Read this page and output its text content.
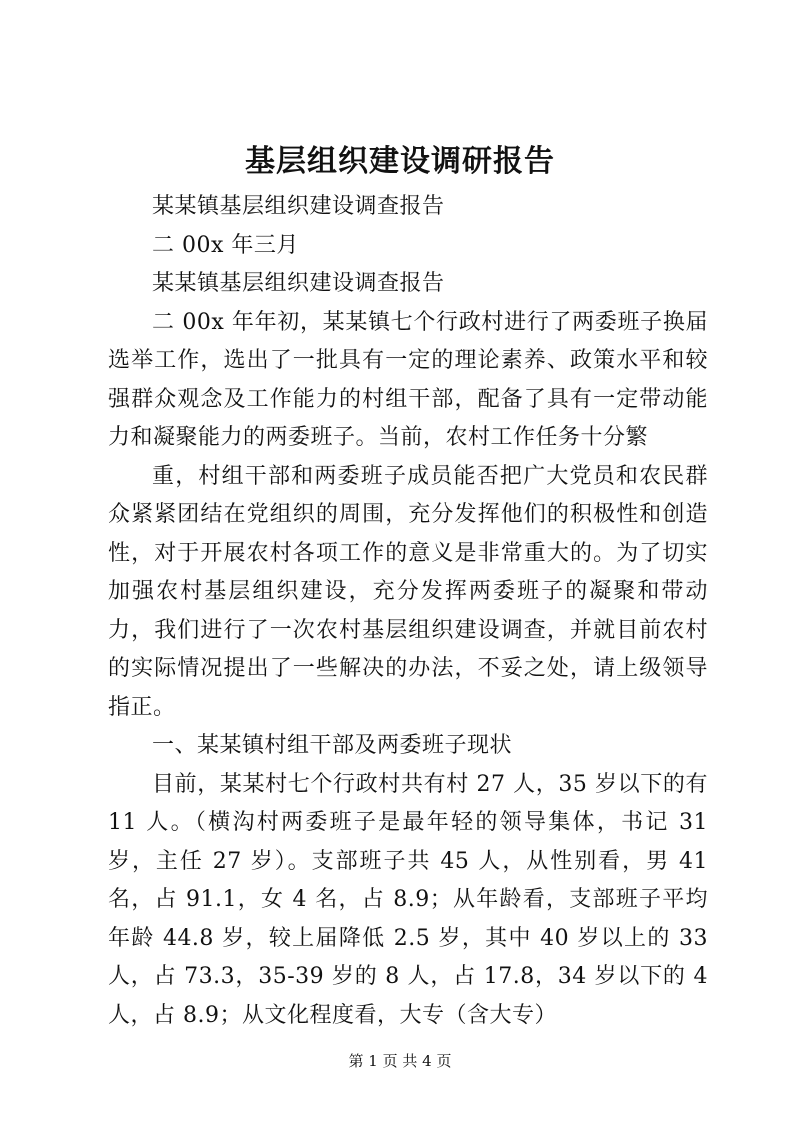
基层组织建设调研报告

某某镇基层组织建设调查报告

二 00x 年三月

某某镇基层组织建设调查报告

二 00x 年年初，某某镇七个行政村进行了两委班子换届选举工作，选出了一批具有一定的理论素养、政策水平和较强群众观念及工作能力的村组干部，配备了具有一定带动能力和凝聚能力的两委班子。当前，农村工作任务十分繁

重，村组干部和两委班子成员能否把广大党员和农民群众紧紧团结在党组织的周围，充分发挥他们的积极性和创造性，对于开展农村各项工作的意义是非常重大的。为了切实加强农村基层组织建设，充分发挥两委班子的凝聚和带动力，我们进行了一次农村基层组织建设调查，并就目前农村的实际情况提出了一些解决的办法，不妥之处，请上级领导指正。

一、某某镇村组干部及两委班子现状

目前，某某村七个行政村共有村 27 人，35 岁以下的有 11 人。（横沟村两委班子是最年轻的领导集体，书记 31 岁，主任 27 岁）。支部班子共 45 人，从性别看，男 41 名，占 91.1，女 4 名，占 8.9；从年龄看，支部班子平均年龄 44.8 岁，较上届降低 2.5 岁，其中 40 岁以上的 33 人，占 73.3，35-39 岁的 8 人，占 17.8，34 岁以下的 4 人，占 8.9；从文化程度看，大专（含大专）

第 1 页 共 4 页
